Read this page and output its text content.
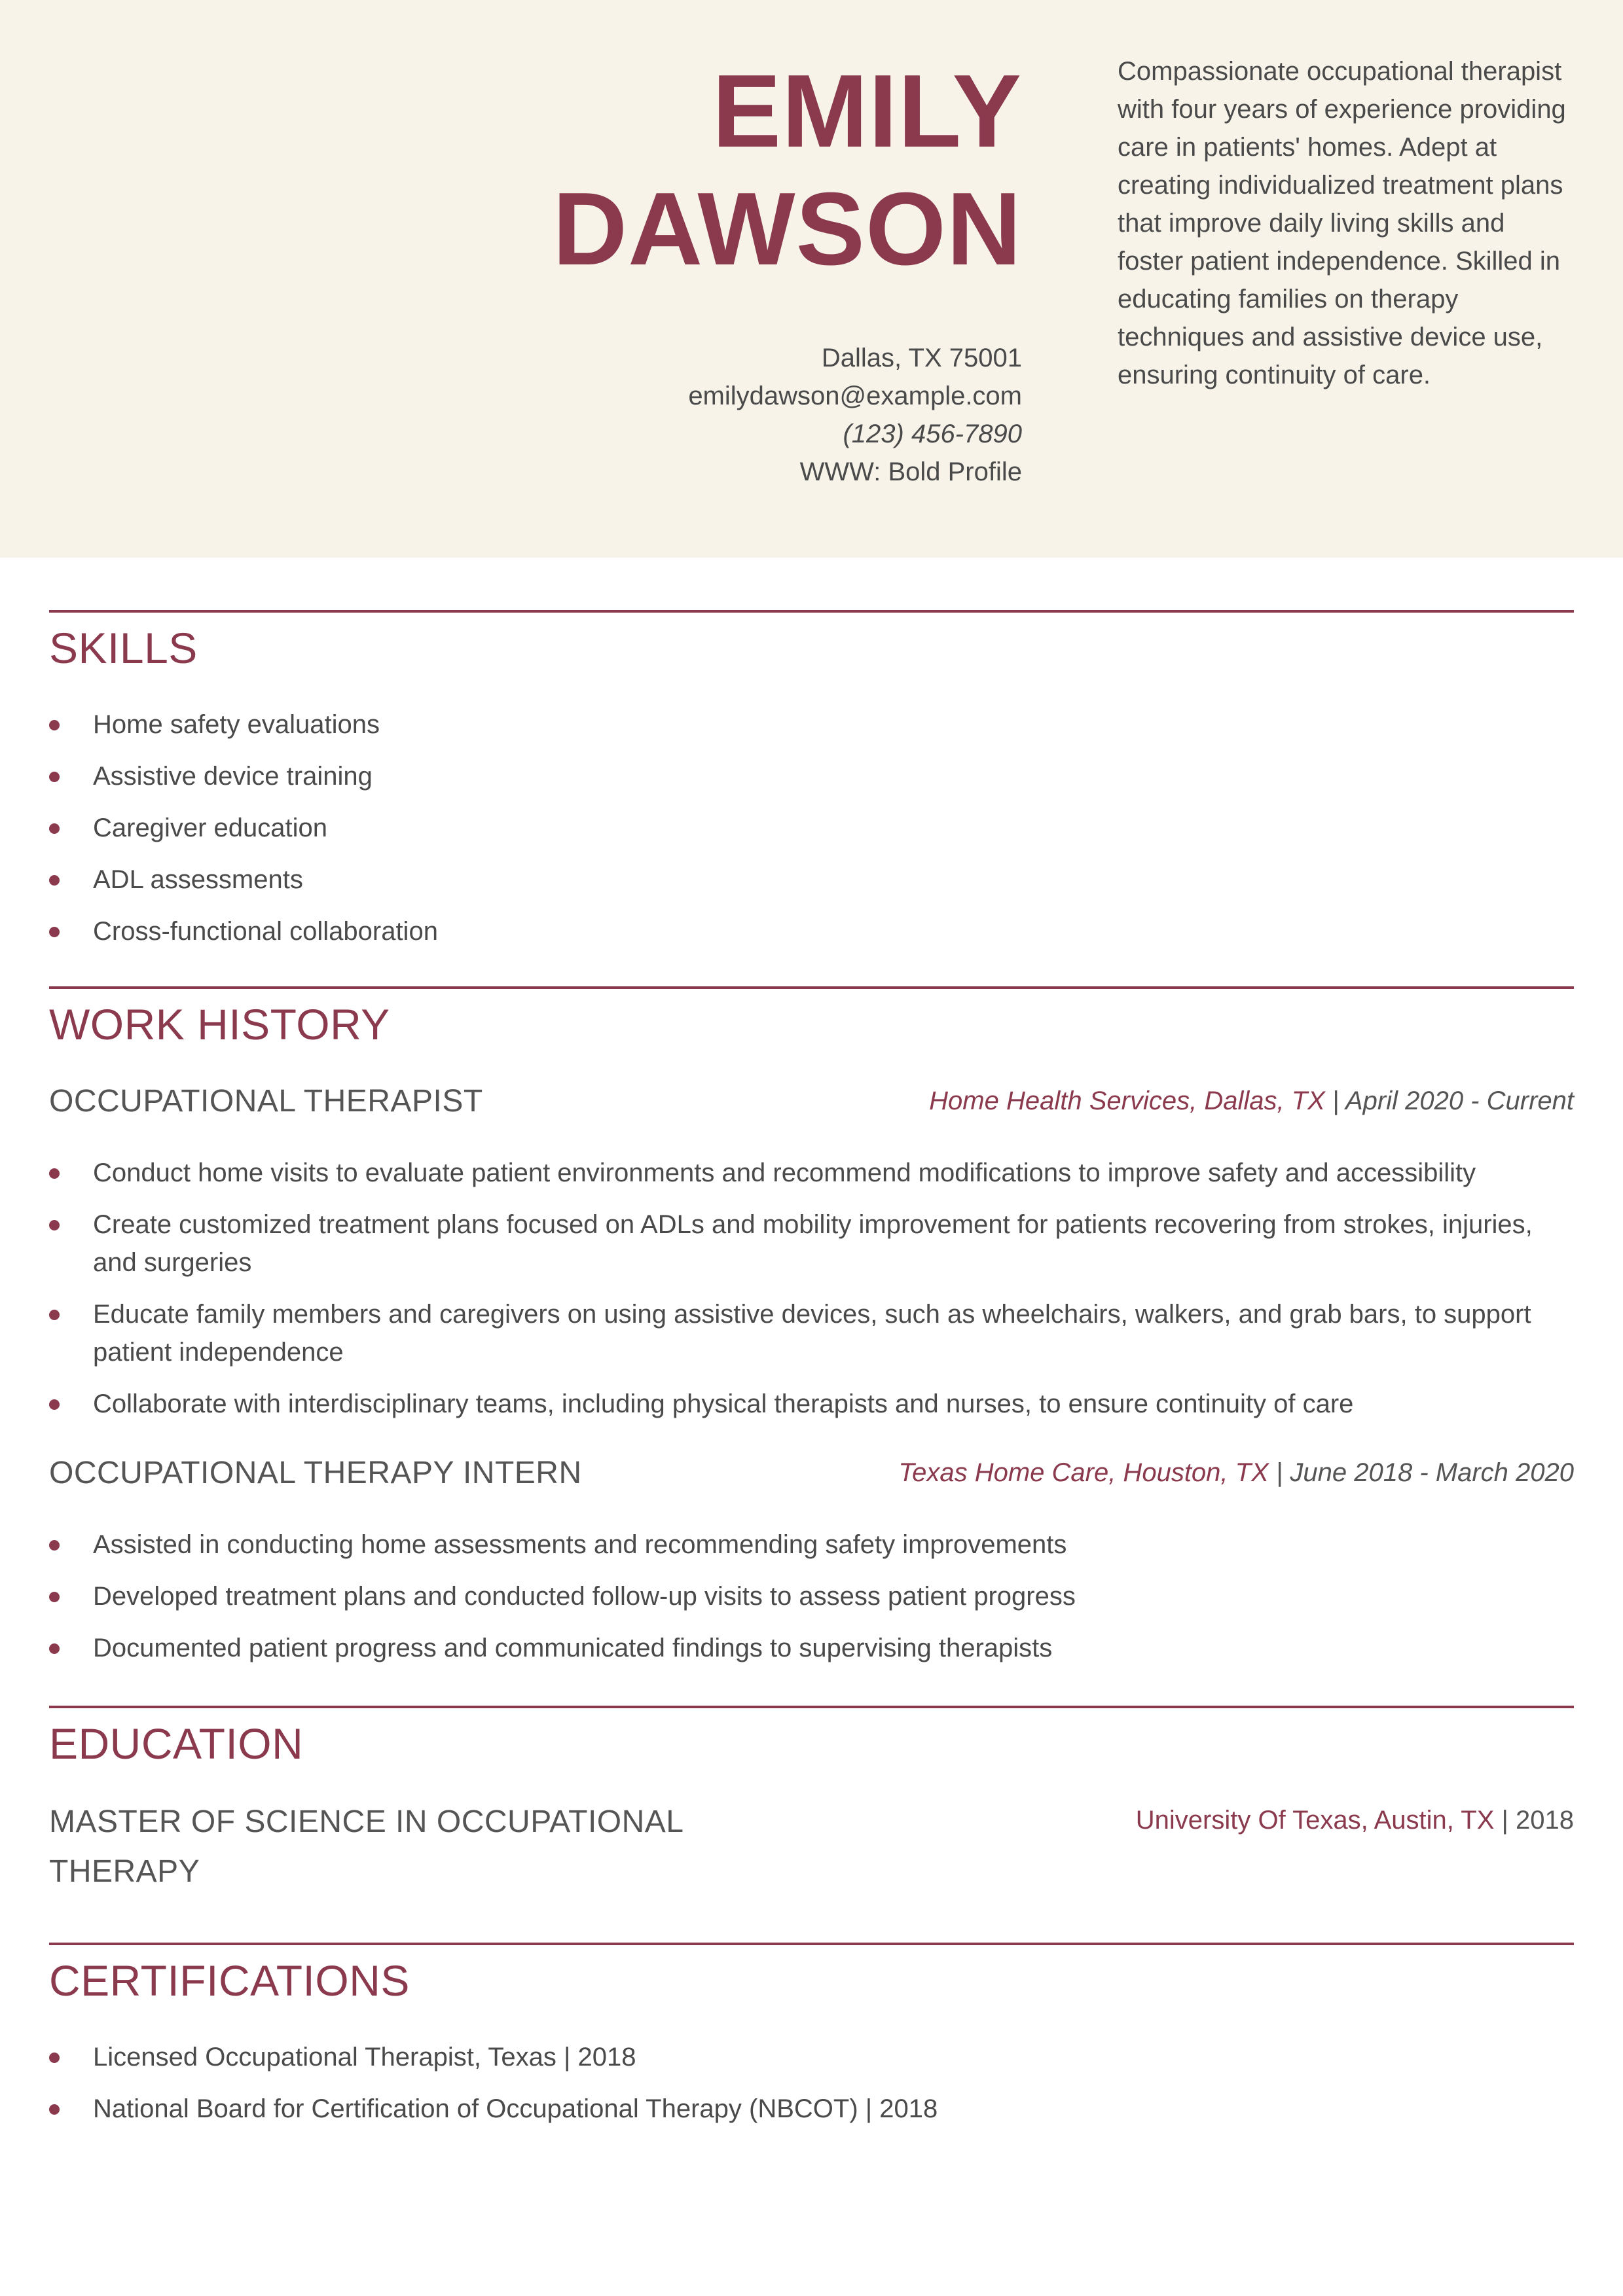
EMILY
DAWSON
Dallas, TX 75001
emilydawson@example.com
(123) 456-7890
WWW: Bold Profile
Compassionate occupational therapist with four years of experience providing care in patients' homes. Adept at creating individualized treatment plans that improve daily living skills and foster patient independence. Skilled in educating families on therapy techniques and assistive device use, ensuring continuity of care.
SKILLS
Home safety evaluations
Assistive device training
Caregiver education
ADL assessments
Cross-functional collaboration
WORK HISTORY
OCCUPATIONAL THERAPIST	Home Health Services, Dallas, TX | April 2020 - Current
Conduct home visits to evaluate patient environments and recommend modifications to improve safety and accessibility
Create customized treatment plans focused on ADLs and mobility improvement for patients recovering from strokes, injuries, and surgeries
Educate family members and caregivers on using assistive devices, such as wheelchairs, walkers, and grab bars, to support patient independence
Collaborate with interdisciplinary teams, including physical therapists and nurses, to ensure continuity of care
OCCUPATIONAL THERAPY INTERN	Texas Home Care, Houston, TX | June 2018 - March 2020
Assisted in conducting home assessments and recommending safety improvements
Developed treatment plans and conducted follow-up visits to assess patient progress
Documented patient progress and communicated findings to supervising therapists
EDUCATION
MASTER OF SCIENCE IN OCCUPATIONAL THERAPY
University Of Texas, Austin, TX | 2018
CERTIFICATIONS
Licensed Occupational Therapist, Texas | 2018
National Board for Certification of Occupational Therapy (NBCOT) | 2018
